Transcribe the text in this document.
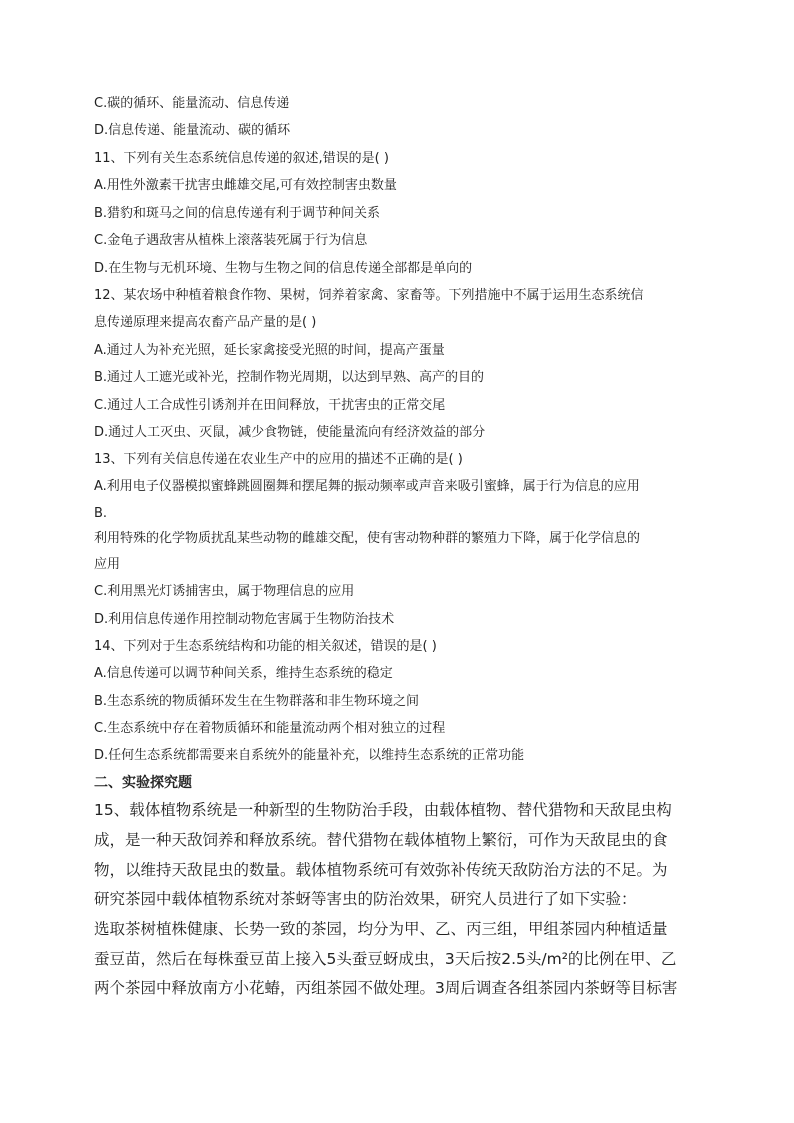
C.碳的循环、能量流动、信息传递
D.信息传递、能量流动、碳的循环
11、下列有关生态系统信息传递的叙述,错误的是( )
A.用性外激素干扰害虫雌雄交尾,可有效控制害虫数量
B.猎豹和斑马之间的信息传递有利于调节种间关系
C.金龟子遇敌害从植株上滚落装死属于行为信息
D.在生物与无机环境、生物与生物之间的信息传递全部都是单向的
12、某农场中种植着粮食作物、果树，饲养着家禽、家畜等。下列措施中不属于运用生态系统信
息传递原理来提高农畜产品产量的是( )
A.通过人为补充光照，延长家禽接受光照的时间，提高产蛋量
B.通过人工遮光或补光，控制作物光周期，以达到早熟、高产的目的
C.通过人工合成性引诱剂并在田间释放，干扰害虫的正常交尾
D.通过人工灭虫、灭鼠，减少食物链，使能量流向有经济效益的部分
13、下列有关信息传递在农业生产中的应用的描述不正确的是( )
A.利用电子仪器模拟蜜蜂跳圆圈舞和摆尾舞的振动频率或声音来吸引蜜蜂，属于行为信息的应用
B.
利用特殊的化学物质扰乱某些动物的雌雄交配，使有害动物种群的繁殖力下降，属于化学信息的
应用
C.利用黑光灯诱捕害虫，属于物理信息的应用
D.利用信息传递作用控制动物危害属于生物防治技术
14、下列对于生态系统结构和功能的相关叙述，错误的是( )
A.信息传递可以调节种间关系，维持生态系统的稳定
B.生态系统的物质循环发生在生物群落和非生物环境之间
C.生态系统中存在着物质循环和能量流动两个相对独立的过程
D.任何生态系统都需要来自系统外的能量补充，以维持生态系统的正常功能
二、实验探究题
15、载体植物系统是一种新型的生物防治手段，由载体植物、替代猎物和天敌昆虫构
成，是一种天敌饲养和释放系统。替代猎物在载体植物上繁衍，可作为天敌昆虫的食
物，以维持天敌昆虫的数量。载体植物系统可有效弥补传统天敌防治方法的不足。为
研究茶园中载体植物系统对茶蚜等害虫的防治效果，研究人员进行了如下实验：
选取茶树植株健康、长势一致的茶园，均分为甲、乙、丙三组，甲组茶园内种植适量
蚕豆苗，然后在每株蚕豆苗上接入5头蚕豆蚜成虫，3天后按2.5头/m²的比例在甲、乙
两个茶园中释放南方小花蝽，丙组茶园不做处理。3周后调查各组茶园内茶蚜等目标害
